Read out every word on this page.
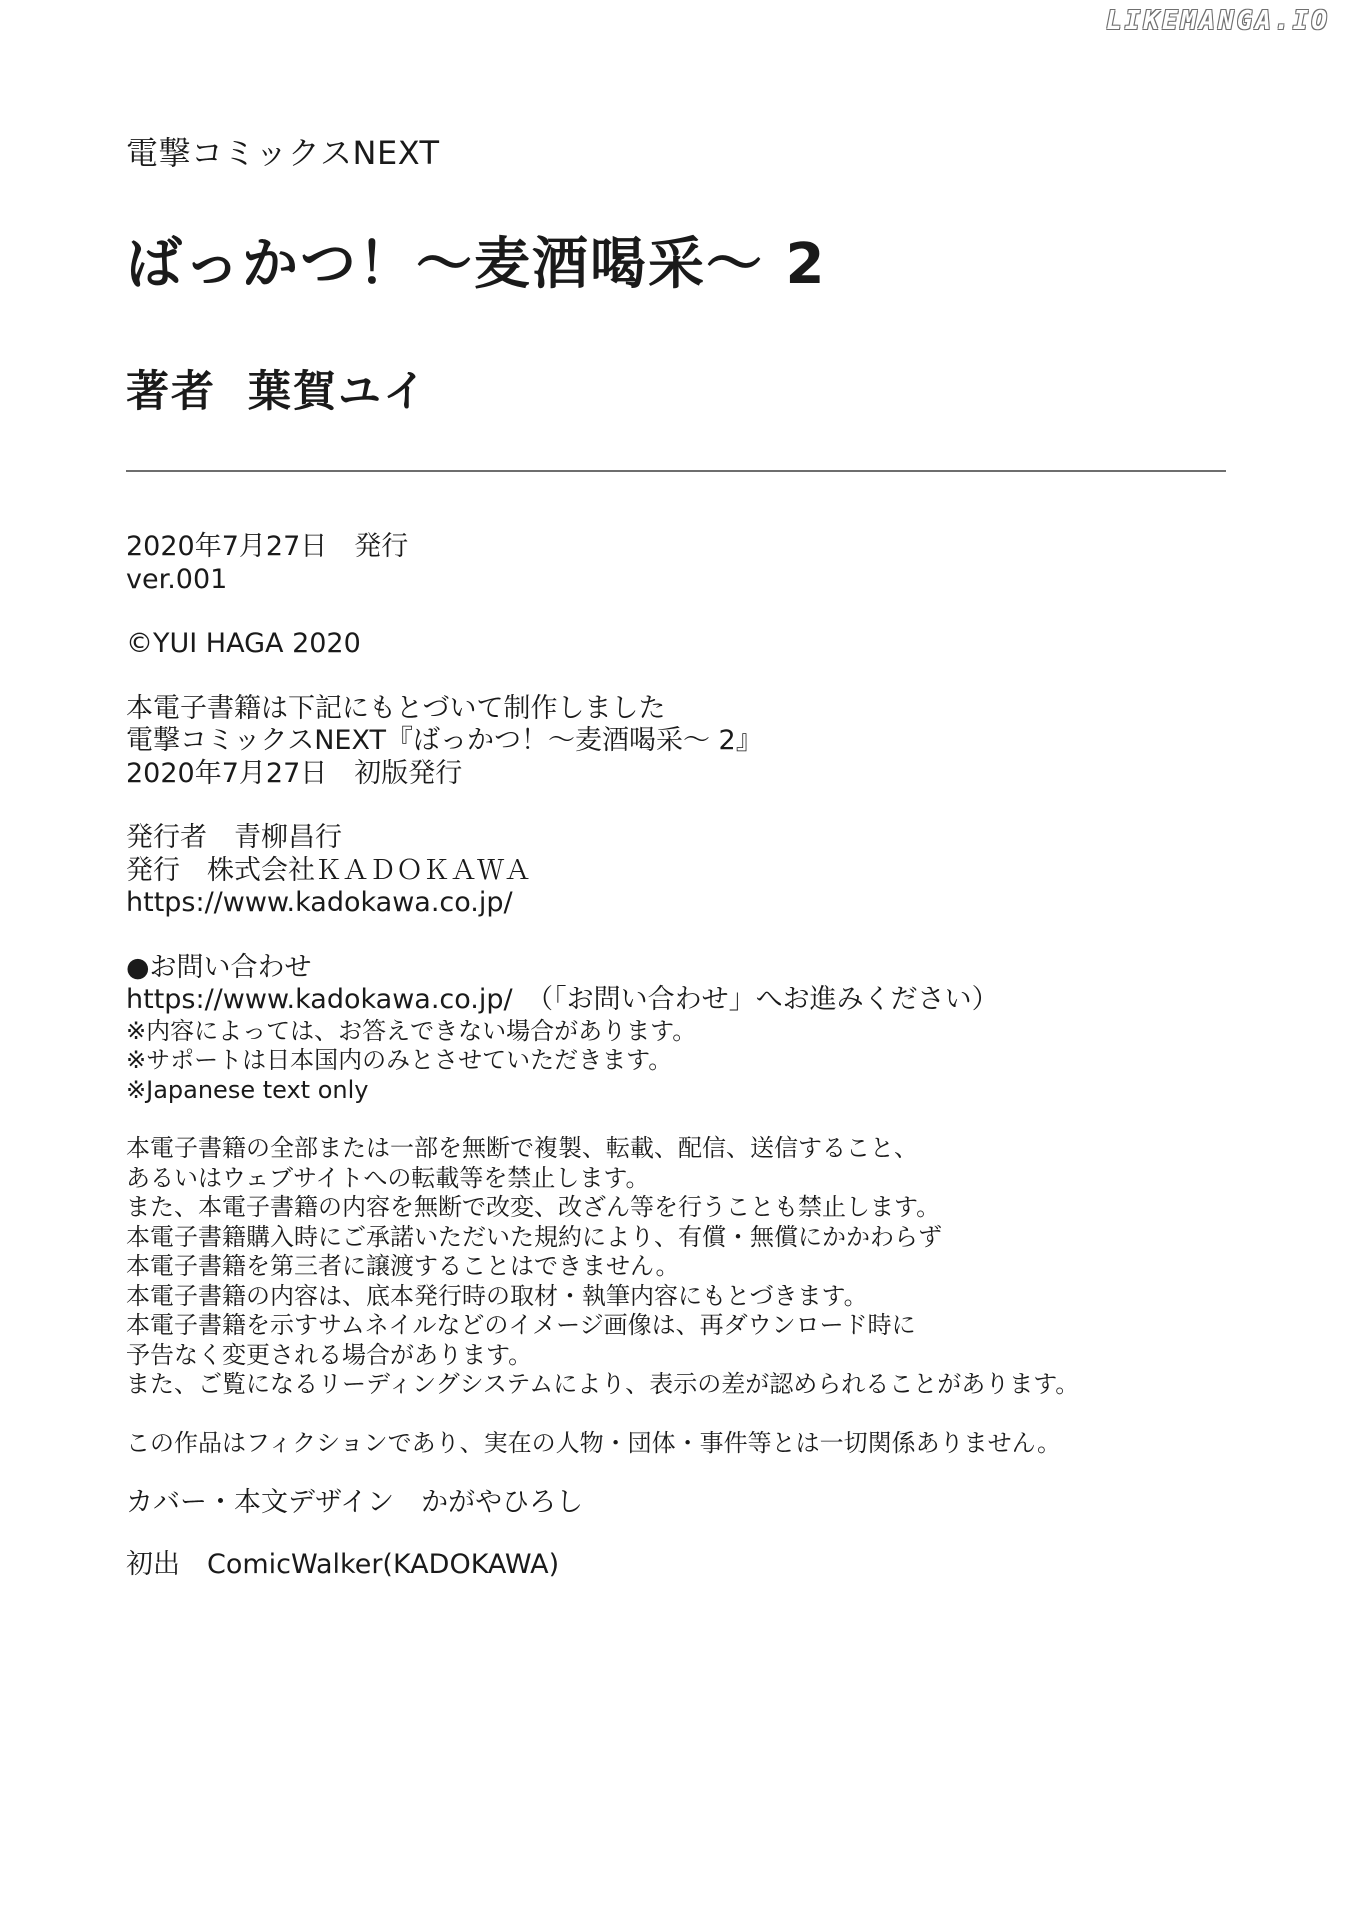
LIKEMANGA.IO
電撃コミックスNEXT
ばっかつ！～麦酒喝采～ 2
著者 葉賀ユイ
2020年7月27日　発行
ver.001
©YUI HAGA 2020
本電子書籍は下記にもとづいて制作しました
電撃コミックスNEXT『ばっかつ！～麦酒喝采～ 2』
2020年7月27日　初版発行
発行者　青柳昌行
発行　株式会社ＫＡＤＯＫＡＷＡ
https://www.kadokawa.co.jp/
●お問い合わせ
https://www.kadokawa.co.jp/　（「お問い合わせ」へお進みください）
※内容によっては、お答えできない場合があります。
※サポートは日本国内のみとさせていただきます。
※Japanese text only
本電子書籍の全部または一部を無断で複製、転載、配信、送信すること、
あるいはウェブサイトへの転載等を禁止します。
また、本電子書籍の内容を無断で改変、改ざん等を行うことも禁止します。
本電子書籍購入時にご承諾いただいた規約により、有償・無償にかかわらず
本電子書籍を第三者に譲渡することはできません。
本電子書籍の内容は、底本発行時の取材・執筆内容にもとづきます。
本電子書籍を示すサムネイルなどのイメージ画像は、再ダウンロード時に
予告なく変更される場合があります。
また、ご覧になるリーディングシステムにより、表示の差が認められることがあります。
この作品はフィクションであり、実在の人物・団体・事件等とは一切関係ありません。
カバー・本文デザイン　かがやひろし
初出　ComicWalker(KADOKAWA)
